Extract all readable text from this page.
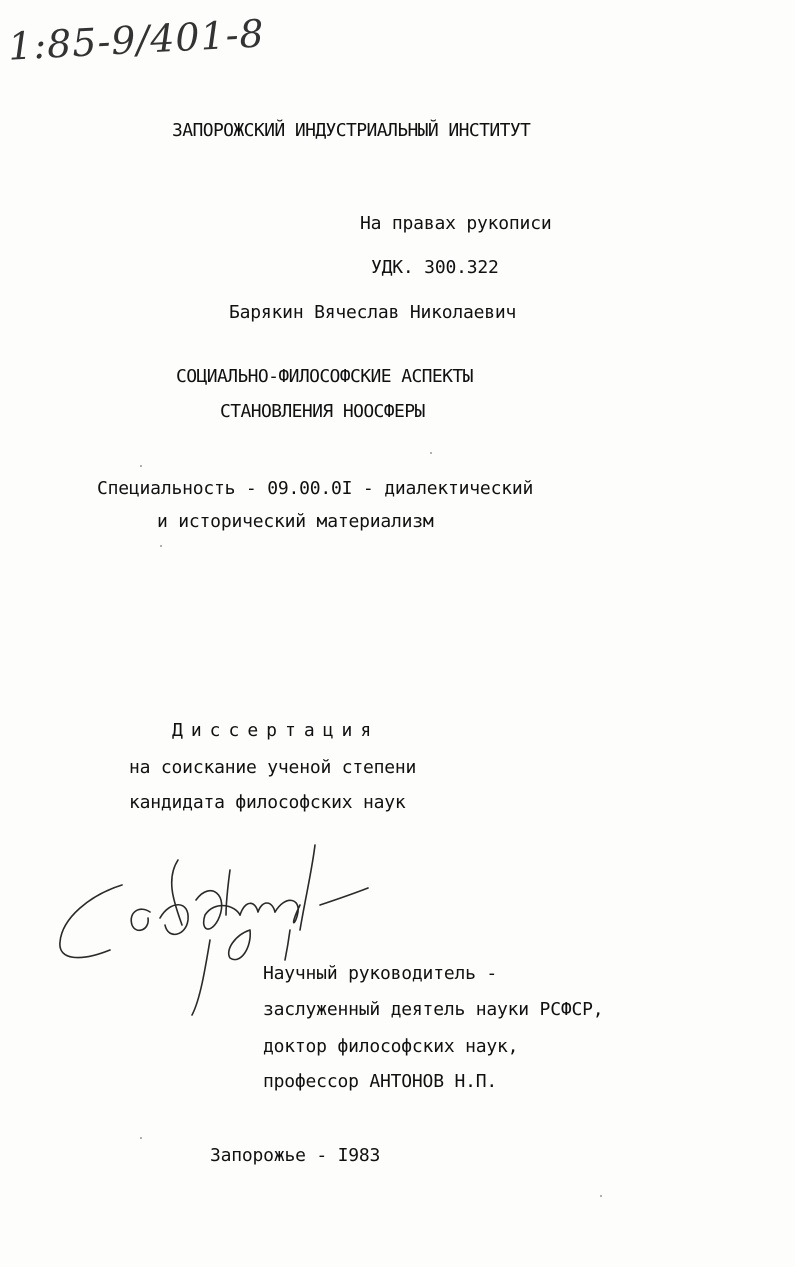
1:85-9/401-8
ЗАПОРОЖСКИЙ ИНДУСТРИАЛЬНЫЙ ИНСТИТУТ
На правах рукописи
УДК. 300.322
Барякин Вячеслав Николаевич
СОЦИАЛЬНО-ФИЛОСОФСКИЕ АСПЕКТЫ
СТАНОВЛЕНИЯ НООСФЕРЫ
Специальность - 09.00.0I - диалектический
и исторический материализм
Диссертация
на соискание ученой степени
кандидата философских наук
Научный руководитель -
заслуженный деятель науки РСФСР,
доктор философских наук,
профессор АНТОНОВ Н.П.
Запорожье - I983
